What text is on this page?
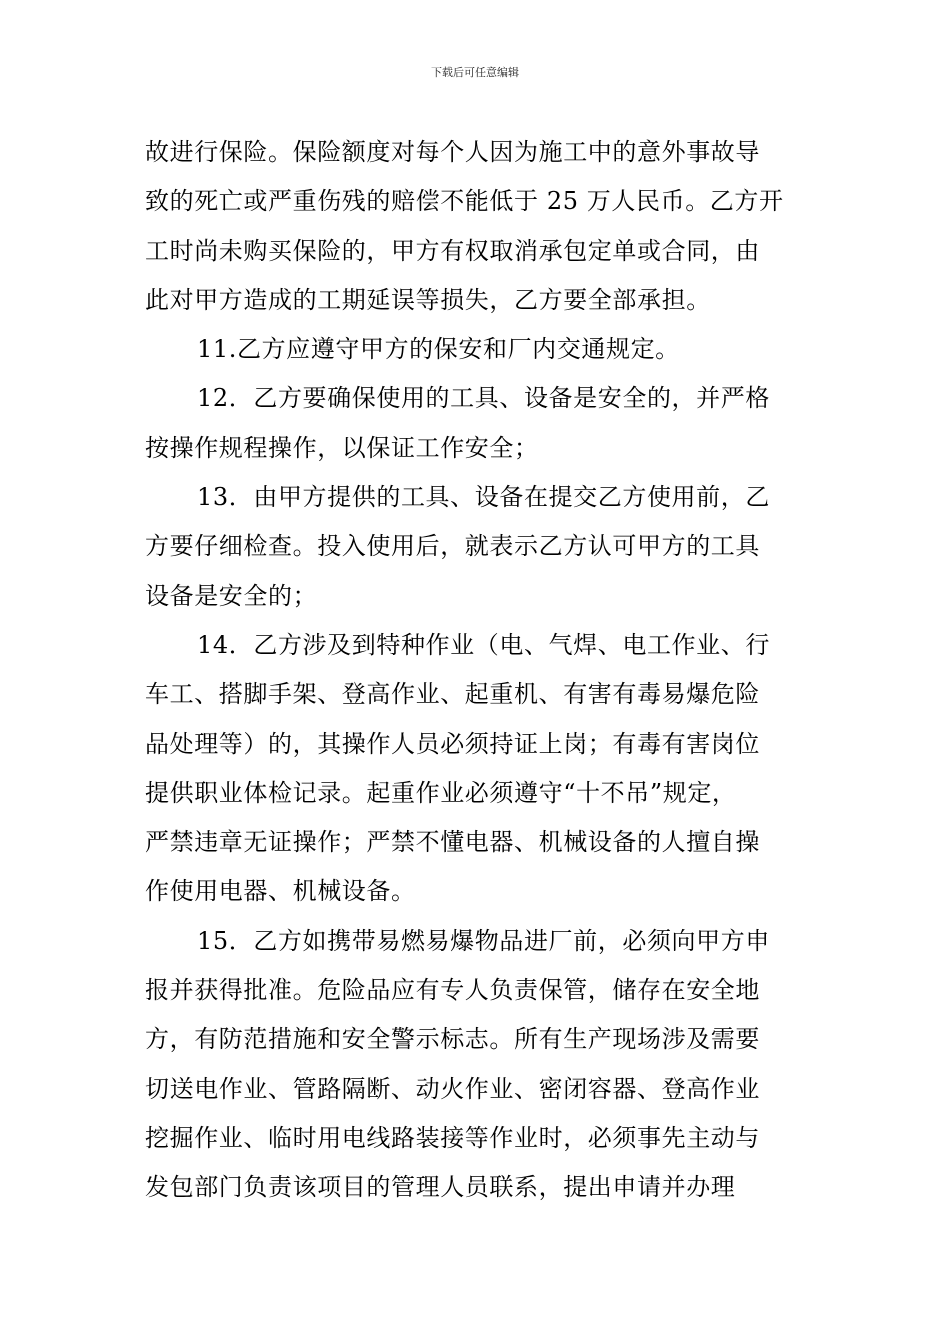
下载后可任意编辑
故进行保险。保险额度对每个人因为施工中的意外事故导
致的死亡或严重伤残的赔偿不能低于 25 万人民币。乙方开
工时尚未购买保险的，甲方有权取消承包定单或合同，由
此对甲方造成的工期延误等损失，乙方要全部承担。
11.乙方应遵守甲方的保安和厂内交通规定。
12．乙方要确保使用的工具、设备是安全的，并严格
按操作规程操作，以保证工作安全；
13．由甲方提供的工具、设备在提交乙方使用前，乙
方要仔细检查。投入使用后，就表示乙方认可甲方的工具
设备是安全的；
14．乙方涉及到特种作业（电、气焊、电工作业、行
车工、搭脚手架、登高作业、起重机、有害有毒易爆危险
品处理等）的，其操作人员必须持证上岗；有毒有害岗位
提供职业体检记录。起重作业必须遵守“十不吊”规定，
严禁违章无证操作；严禁不懂电器、机械设备的人擅自操
作使用电器、机械设备。
15．乙方如携带易燃易爆物品进厂前，必须向甲方申
报并获得批准。危险品应有专人负责保管，储存在安全地
方，有防范措施和安全警示标志。所有生产现场涉及需要
切送电作业、管路隔断、动火作业、密闭容器、登高作业
挖掘作业、临时用电线路装接等作业时，必须事先主动与
发包部门负责该项目的管理人员联系，提出申请并办理
